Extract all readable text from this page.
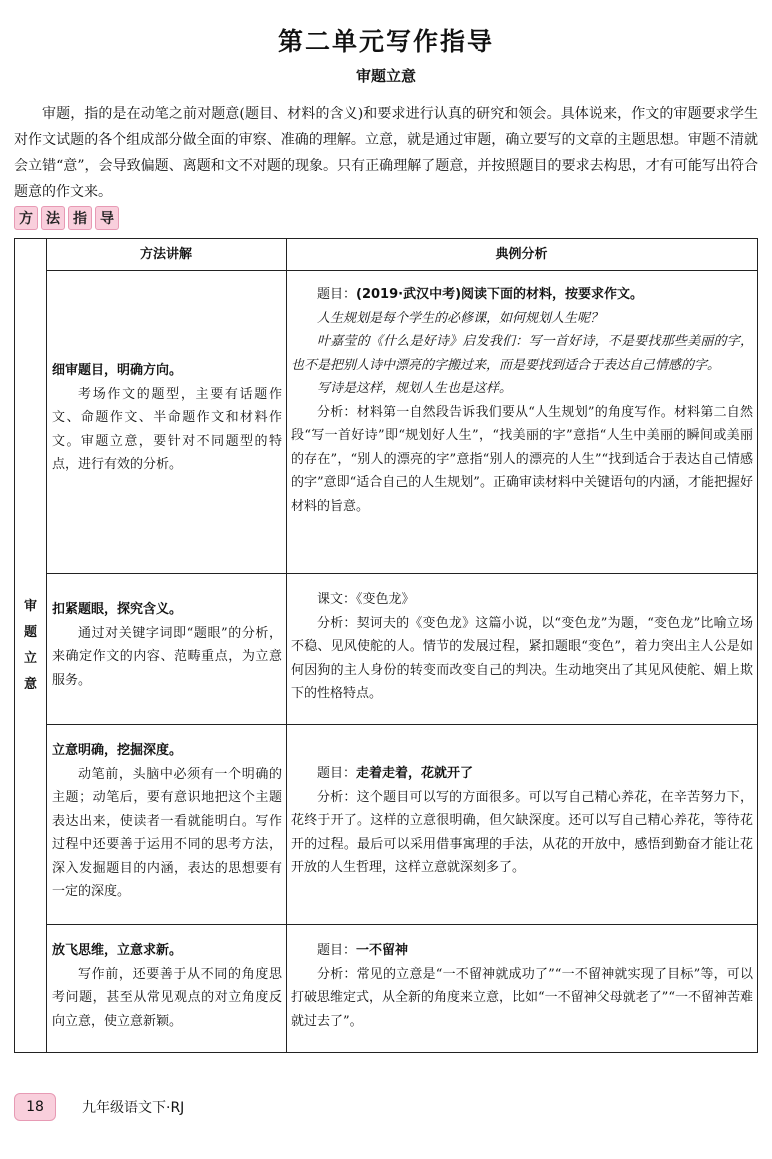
第二单元写作指导
审题立意
审题，指的是在动笔之前对题意(题目、材料的含义)和要求进行认真的研究和领会。具体说来，作文的审题要求学生对作文试题的各个组成部分做全面的审察、准确的理解。立意，就是通过审题，确立要写的文章的主题思想。审题不清就会立错“意”，会导致偏题、离题和文不对题的现象。只有正确理解了题意，并按照题目的要求去构思，才有可能写出符合题意的作文来。
方 法 指 导
方法讲解	典例分析
审
题
立
意
细审题目，明确方向。
考场作文的题型，主要有话题作文、命题作文、半命题作文和材料作文。审题立意，要针对不同题型的特点，进行有效的分析。

题目：(2019·武汉中考)阅读下面的材料，按要求作文。

人生规划是每个学生的必修课，如何规划人生呢？

叶嘉莹的《什么是好诗》启发我们：写一首好诗，不是要找那些美丽的字，也不是把别人诗中漂亮的字搬过来，而是要找到适合于表达自己情感的字。

写诗是这样，规划人生也是这样。

分析：材料第一自然段告诉我们要从“人生规划”的角度写作。材料第二自然段“写一首好诗”即“规划好人生”，“找美丽的字”意指“人生中美丽的瞬间或美丽的存在”，“别人的漂亮的字”意指“别人的漂亮的人生”“找到适合于表达自己情感的字”意即“适合自己的人生规划”。正确审读材料中关键语句的内涵，才能把握好材料的旨意。

扣紧题眼，探究含义。
通过对关键字词即“题眼”的分析，来确定作文的内容、范畴重点，为立意服务。

课文：《变色龙》

分析：契诃夫的《变色龙》这篇小说，以“变色龙”为题，“变色龙”比喻立场不稳、见风使舵的人。情节的发展过程，紧扣题眼“变色”，着力突出主人公是如何因狗的主人身份的转变而改变自己的判决。生动地突出了其见风使舵、媚上欺下的性格特点。

立意明确，挖掘深度。
动笔前，头脑中必须有一个明确的主题；动笔后，要有意识地把这个主题表达出来，使读者一看就能明白。写作过程中还要善于运用不同的思考方法，深入发掘题目的内涵，表达的思想要有一定的深度。

题目：走着走着，花就开了

分析：这个题目可以写的方面很多。可以写自己精心养花，在辛苦努力下，花终于开了。这样的立意很明确，但欠缺深度。还可以写自己精心养花，等待花开的过程。最后可以采用借事寓理的手法，从花的开放中，感悟到勤奋才能让花开放的人生哲理，这样立意就深刻多了。

放飞思维，立意求新。
写作前，还要善于从不同的角度思考问题，甚至从常见观点的对立角度反向立意，使立意新颖。

题目：一不留神

分析：常见的立意是“一不留神就成功了”“一不留神就实现了目标”等，可以打破思维定式，从全新的角度来立意，比如“一不留神父母就老了”“一不留神苦难就过去了”。

18	九年级语文下·RJ
